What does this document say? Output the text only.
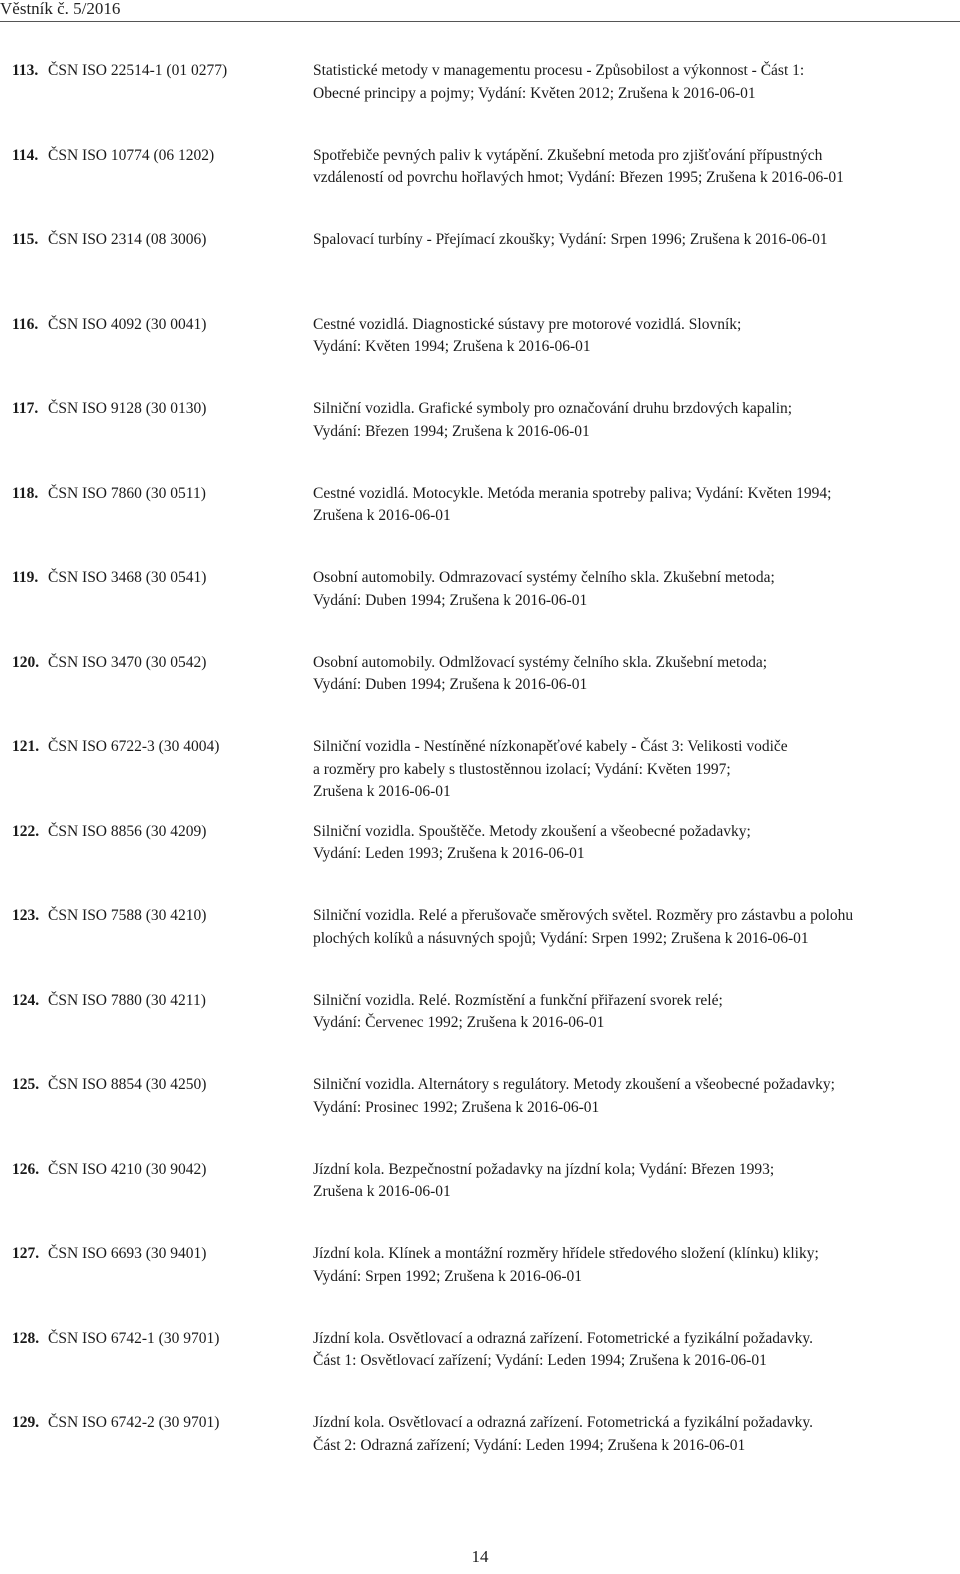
Věstník č. 5/2016
113. ČSN ISO 22514-1 (01 0277)	Statistické metody v managementu procesu - Způsobilost a výkonnost - Část 1:
Obecné principy a pojmy; Vydání: Květen 2012; Zrušena k 2016-06-01
114. ČSN ISO 10774 (06 1202)	Spotřebiče pevných paliv k vytápění. Zkušební metoda pro zjišťování přípustných
vzdáleností od povrchu hořlavých hmot; Vydání: Březen 1995; Zrušena k 2016-06-01
115. ČSN ISO 2314 (08 3006)	Spalovací turbíny - Přejímací zkoušky; Vydání: Srpen 1996; Zrušena k 2016-06-01
116. ČSN ISO 4092 (30 0041)	Cestné vozidlá. Diagnostické sústavy pre motorové vozidlá. Slovník;
Vydání: Květen 1994; Zrušena k 2016-06-01
117. ČSN ISO 9128 (30 0130)	Silniční vozidla. Grafické symboly pro označování druhu brzdových kapalin;
Vydání: Březen 1994; Zrušena k 2016-06-01
118. ČSN ISO 7860 (30 0511)	Cestné vozidlá. Motocykle. Metóda merania spotreby paliva; Vydání: Květen 1994;
Zrušena k 2016-06-01
119. ČSN ISO 3468 (30 0541)	Osobní automobily. Odmrazovací systémy čelního skla. Zkušební metoda;
Vydání: Duben 1994; Zrušena k 2016-06-01
120. ČSN ISO 3470 (30 0542)	Osobní automobily. Odmlžovací systémy čelního skla. Zkušební metoda;
Vydání: Duben 1994; Zrušena k 2016-06-01
121. ČSN ISO 6722-3 (30 4004)	Silniční vozidla - Nestíněné nízkonapěťové kabely - Část 3: Velikosti vodiče
a rozměry pro kabely s tlustostěnnou izolací; Vydání: Květen 1997;
Zrušena k 2016-06-01
122. ČSN ISO 8856 (30 4209)	Silniční vozidla. Spouštěče. Metody zkoušení a všeobecné požadavky;
Vydání: Leden 1993; Zrušena k 2016-06-01
123. ČSN ISO 7588 (30 4210)	Silniční vozidla. Relé a přerušovače směrových světel. Rozměry pro zástavbu a polohu
plochých kolíků a násuvných spojů; Vydání: Srpen 1992; Zrušena k 2016-06-01
124. ČSN ISO 7880 (30 4211)	Silniční vozidla. Relé. Rozmístění a funkční přiřazení svorek relé;
Vydání: Červenec 1992; Zrušena k 2016-06-01
125. ČSN ISO 8854 (30 4250)	Silniční vozidla. Alternátory s regulátory. Metody zkoušení a všeobecné požadavky;
Vydání: Prosinec 1992; Zrušena k 2016-06-01
126. ČSN ISO 4210 (30 9042)	Jízdní kola. Bezpečnostní požadavky na jízdní kola; Vydání: Březen 1993;
Zrušena k 2016-06-01
127. ČSN ISO 6693 (30 9401)	Jízdní kola. Klínek a montážní rozměry hřídele středového složení (klínku) kliky;
Vydání: Srpen 1992; Zrušena k 2016-06-01
128. ČSN ISO 6742-1 (30 9701)	Jízdní kola. Osvětlovací a odrazná zařízení. Fotometrické a fyzikální požadavky.
Část 1: Osvětlovací zařízení; Vydání: Leden 1994; Zrušena k 2016-06-01
129. ČSN ISO 6742-2 (30 9701)	Jízdní kola. Osvětlovací a odrazná zařízení. Fotometrická a fyzikální požadavky.
Část 2: Odrazná zařízení; Vydání: Leden 1994; Zrušena k 2016-06-01
14
